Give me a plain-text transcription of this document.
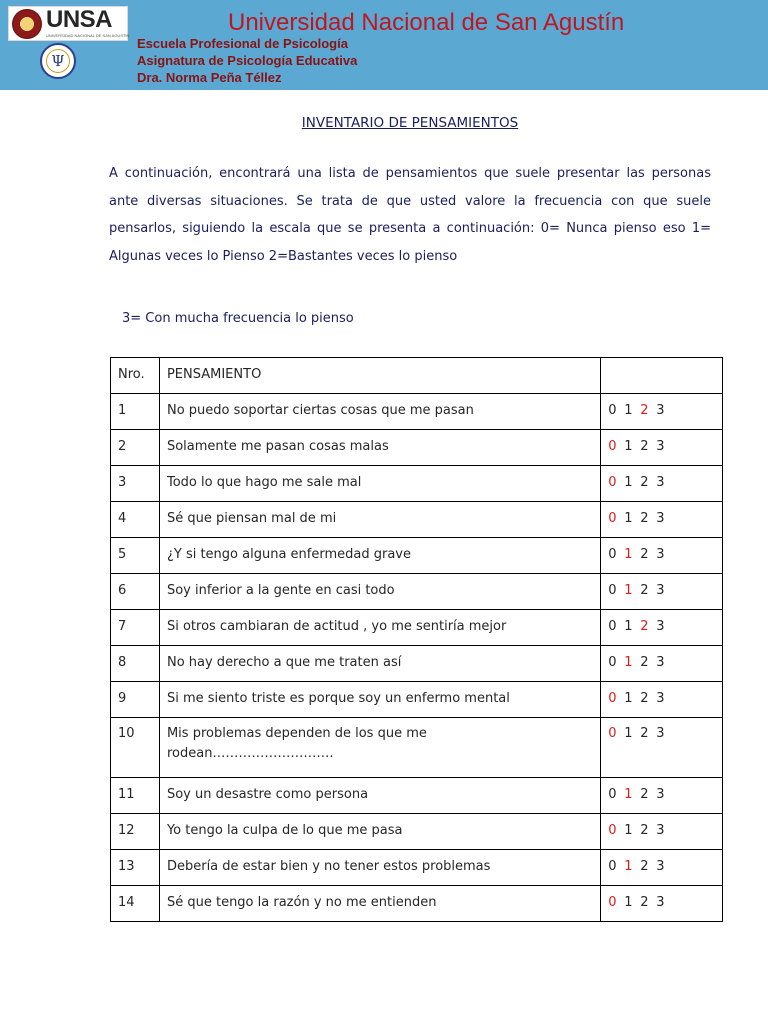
UNSA
UNIVERSIDAD NACIONAL DE SAN AGUSTIN
Ψ
Universidad Nacional de San Agustín
Escuela Profesional de Psicología
Asignatura de Psicología Educativa
Dra. Norma Peña Téllez
INVENTARIO DE PENSAMIENTOS
A continuación, encontrará una lista de pensamientos que suele presentar las personas ante diversas situaciones. Se trata de que usted valore la frecuencia con que suele pensarlos, siguiendo la escala que se presenta a continuación: 0= Nunca pienso eso 1= Algunas veces lo Pienso 2=Bastantes veces lo pienso
3= Con mucha frecuencia lo pienso
Nro.	PENSAMIENTO	
1	No puedo soportar ciertas cosas que me pasan	0 1 2 3
2	Solamente me pasan cosas malas	0 1 2 3
3	Todo lo que hago me sale mal	0 1 2 3
4	Sé que piensan mal de mi	0 1 2 3
5	¿Y si tengo alguna enfermedad grave	0 1 2 3
6	Soy inferior a la gente en casi todo	0 1 2 3
7	Si otros cambiaran de actitud , yo me sentiría mejor	0 1 2 3
8	No hay derecho a que me traten así	0 1 2 3
9	Si me siento triste es porque soy un enfermo mental	0 1 2 3
10	Mis problemas dependen de los que me rodean……………………….	0 1 2 3
11	Soy un desastre como persona	0 1 2 3
12	Yo tengo la culpa de lo que me pasa	0 1 2 3
13	Debería de estar bien y no tener estos problemas	0 1 2 3
14	Sé que tengo la razón y no me entienden	0 1 2 3
